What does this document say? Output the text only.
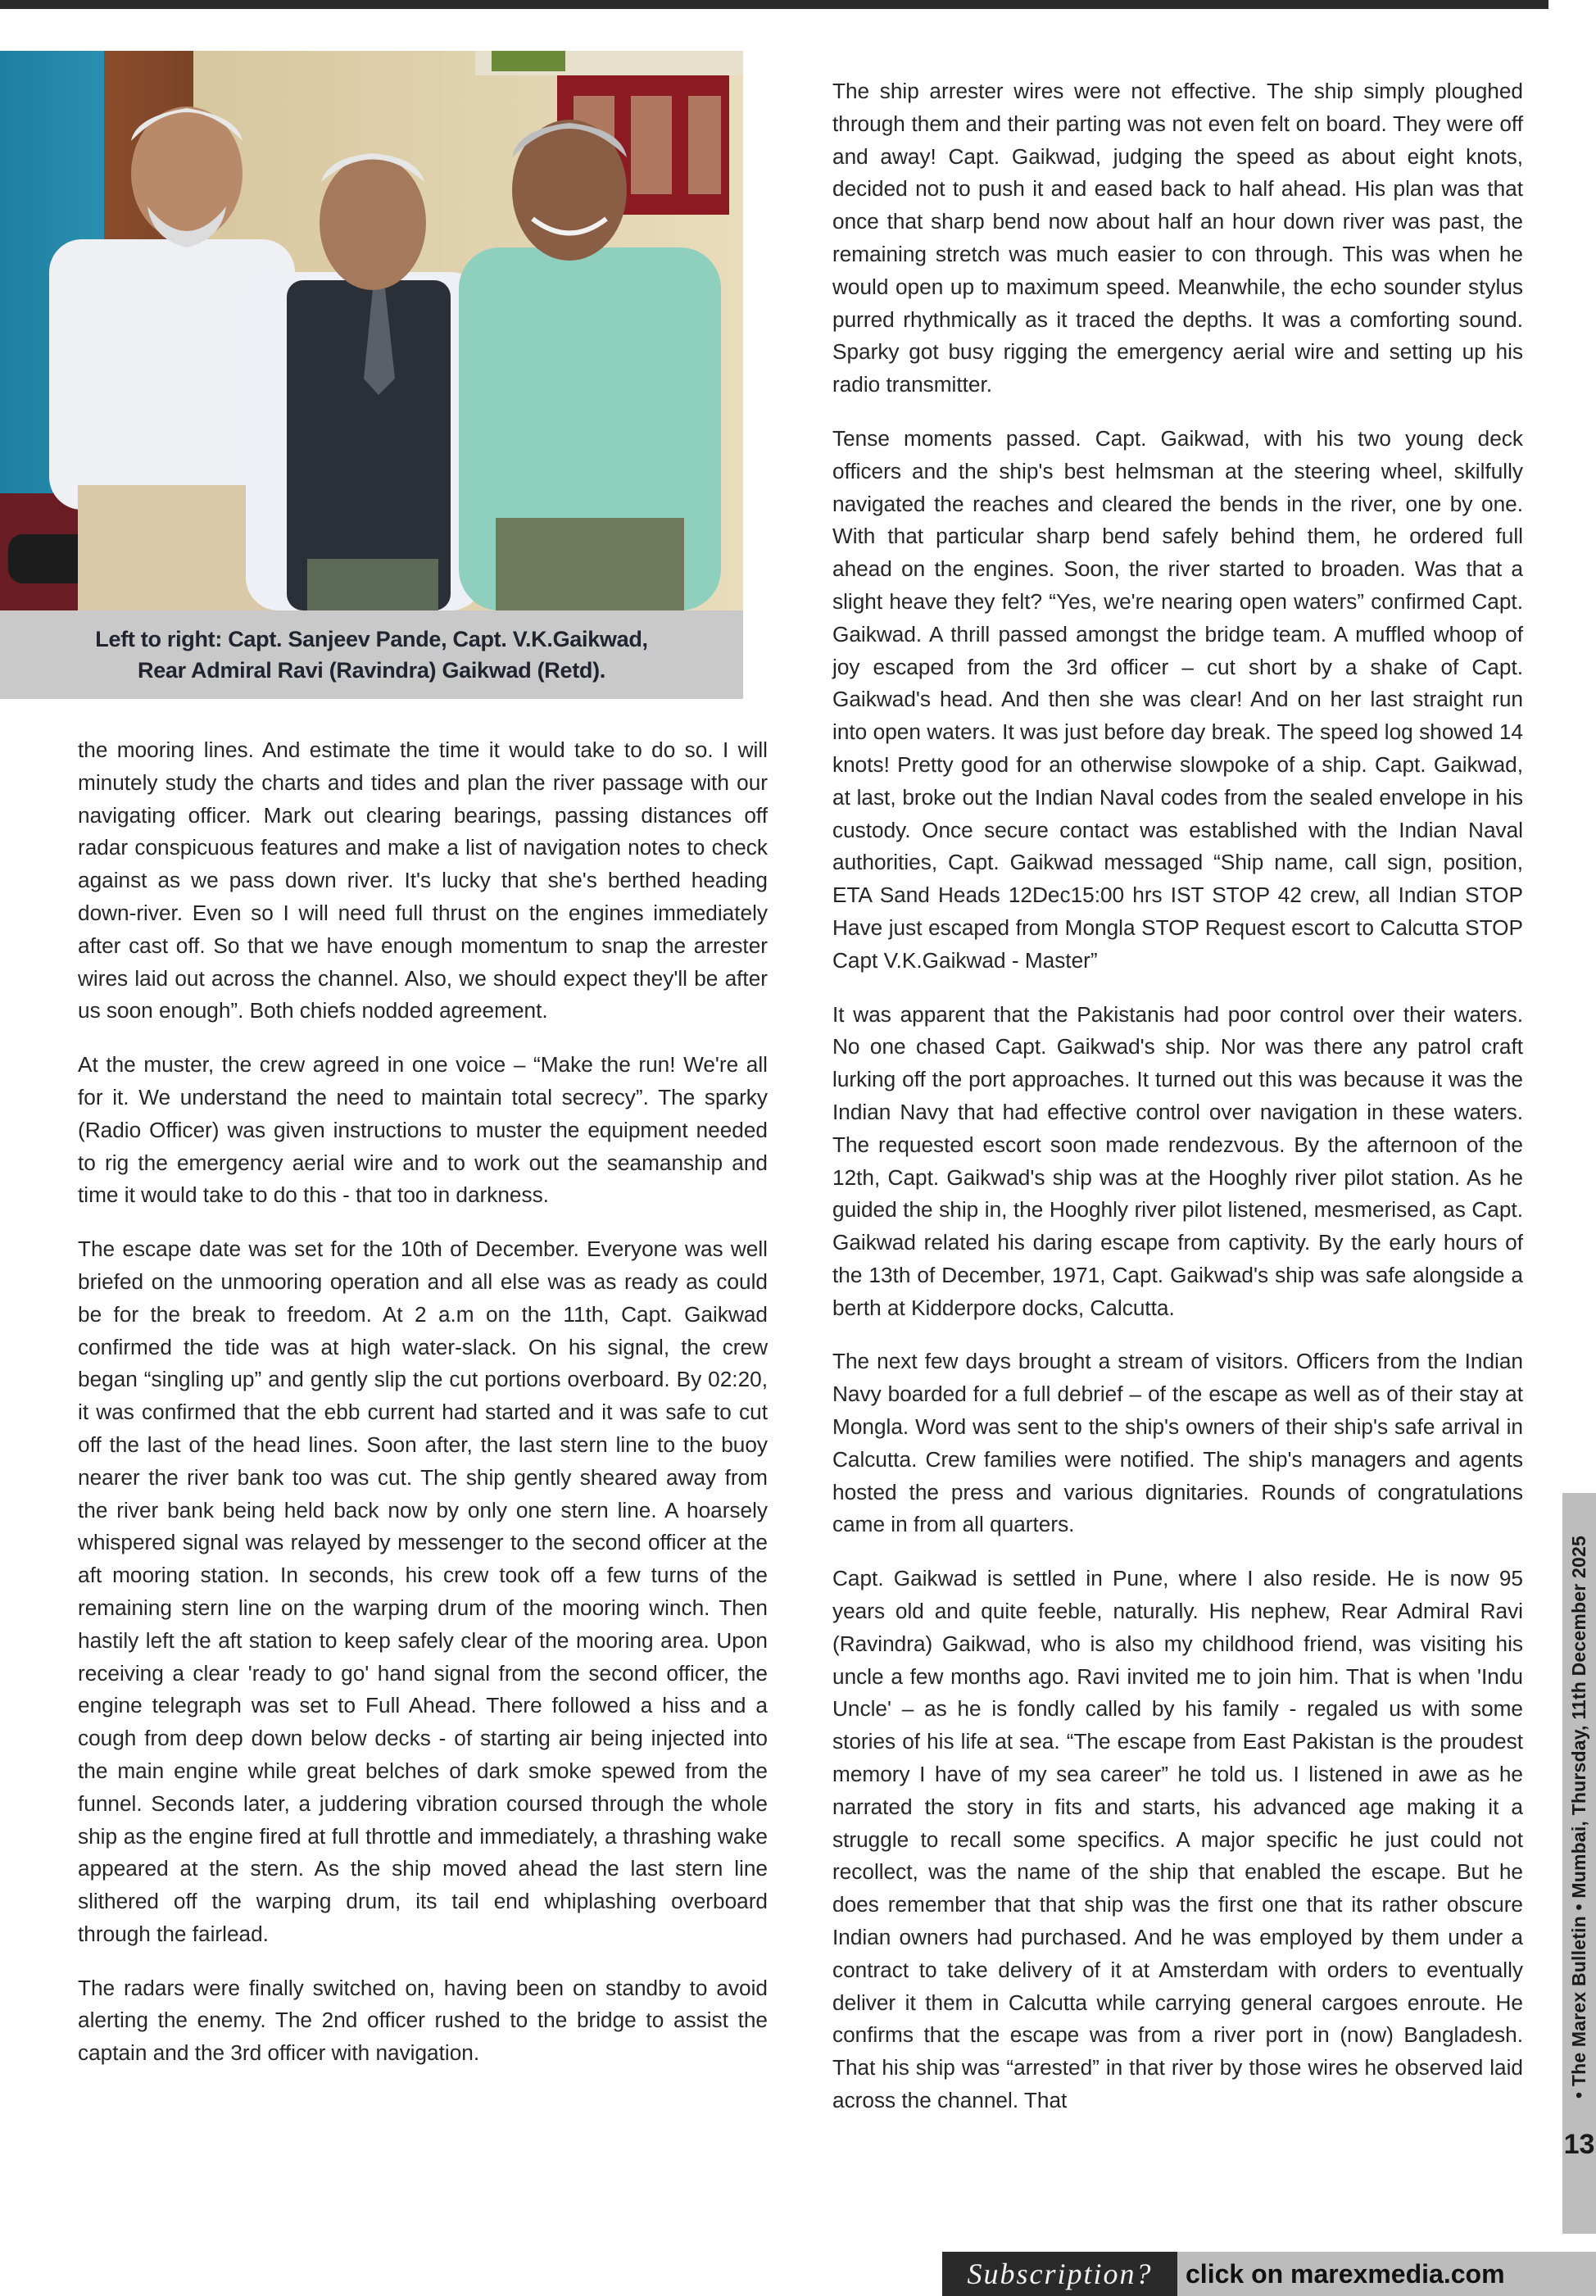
Left to right: Capt. Sanjeev Pande, Capt. V.K.Gaikwad,
Rear Admiral Ravi (Ravindra) Gaikwad (Retd).

the mooring lines. And estimate the time it would take to do so. I will minutely study the charts and tides and plan the river passage with our navigating officer. Mark out clearing bearings, passing distances off radar conspicuous features and make a list of navigation notes to check against as we pass down river. It's lucky that she's berthed heading down-river. Even so I will need full thrust on the engines immediately after cast off. So that we have enough momentum to snap the arrester wires laid out across the channel. Also, we should expect they'll be after us soon enough”. Both chiefs nodded agreement.

At the muster, the crew agreed in one voice – “Make the run! We're all for it. We understand the need to maintain total secrecy”. The sparky (Radio Officer) was given instructions to muster the equipment needed to rig the emergency aerial wire and to work out the seamanship and time it would take to do this - that too in darkness.

The escape date was set for the 10th of December. Everyone was well briefed on the unmooring operation and all else was as ready as could be for the break to freedom. At 2 a.m on the 11th, Capt. Gaikwad confirmed the tide was at high water-slack. On his signal, the crew began “singling up” and gently slip the cut portions overboard. By 02:20, it was confirmed that the ebb current had started and it was safe to cut off the last of the head lines. Soon after, the last stern line to the buoy nearer the river bank too was cut. The ship gently sheared away from the river bank being held back now by only one stern line. A hoarsely whispered signal was relayed by messenger to the second officer at the aft mooring station. In seconds, his crew took off a few turns of the remaining stern line on the warping drum of the mooring winch. Then hastily left the aft station to keep safely clear of the mooring area. Upon receiving a clear 'ready to go' hand signal from the second officer, the engine telegraph was set to Full Ahead. There followed a hiss and a cough from deep down below decks - of starting air being injected into the main engine while great belches of dark smoke spewed from the funnel. Seconds later, a juddering vibration coursed through the whole ship as the engine fired at full throttle and immediately, a thrashing wake appeared at the stern. As the ship moved ahead the last stern line slithered off the warping drum, its tail end whiplashing overboard through the fairlead.

The radars were finally switched on, having been on standby to avoid alerting the enemy. The 2nd officer rushed to the bridge to assist the captain and the 3rd officer with navigation.

The ship arrester wires were not effective. The ship simply ploughed through them and their parting was not even felt on board. They were off and away! Capt. Gaikwad, judging the speed as about eight knots, decided not to push it and eased back to half ahead. His plan was that once that sharp bend now about half an hour down river was past, the remaining stretch was much easier to con through. This was when he would open up to maximum speed. Meanwhile, the echo sounder stylus purred rhythmically as it traced the depths. It was a comforting sound. Sparky got busy rigging the emergency aerial wire and setting up his radio transmitter.

Tense moments passed. Capt. Gaikwad, with his two young deck officers and the ship's best helmsman at the steering wheel, skilfully navigated the reaches and cleared the bends in the river, one by one. With that particular sharp bend safely behind them, he ordered full ahead on the engines. Soon, the river started to broaden. Was that a slight heave they felt? “Yes, we're nearing open waters” confirmed Capt. Gaikwad. A thrill passed amongst the bridge team. A muffled whoop of joy escaped from the 3rd officer – cut short by a shake of Capt. Gaikwad's head. And then she was clear! And on her last straight run into open waters. It was just before day break. The speed log showed 14 knots! Pretty good for an otherwise slowpoke of a ship. Capt. Gaikwad, at last, broke out the Indian Naval codes from the sealed envelope in his custody. Once secure contact was established with the Indian Naval authorities, Capt. Gaikwad messaged “Ship name, call sign, position, ETA Sand Heads 12Dec15:00 hrs IST STOP 42 crew, all Indian STOP Have just escaped from Mongla STOP Request escort to Calcutta STOP Capt V.K.Gaikwad - Master”

It was apparent that the Pakistanis had poor control over their waters. No one chased Capt. Gaikwad's ship. Nor was there any patrol craft lurking off the port approaches. It turned out this was because it was the Indian Navy that had effective control over navigation in these waters. The requested escort soon made rendezvous. By the afternoon of the 12th, Capt. Gaikwad's ship was at the Hooghly river pilot station. As he guided the ship in, the Hooghly river pilot listened, mesmerised, as Capt. Gaikwad related his daring escape from captivity. By the early hours of the 13th of December, 1971, Capt. Gaikwad's ship was safe alongside a berth at Kidderpore docks, Calcutta.

The next few days brought a stream of visitors. Officers from the Indian Navy boarded for a full debrief – of the escape as well as of their stay at Mongla. Word was sent to the ship's owners of their ship's safe arrival in Calcutta. Crew families were notified. The ship's managers and agents hosted the press and various dignitaries. Rounds of congratulations came in from all quarters.

Capt. Gaikwad is settled in Pune, where I also reside. He is now 95 years old and quite feeble, naturally. His nephew, Rear Admiral Ravi (Ravindra) Gaikwad, who is also my childhood friend, was visiting his uncle a few months ago. Ravi invited me to join him. That is when 'Indu Uncle' – as he is fondly called by his family - regaled us with some stories of his life at sea. “The escape from East Pakistan is the proudest memory I have of my sea career” he told us. I listened in awe as he narrated the story in fits and starts, his advanced age making it a struggle to recall some specifics. A major specific he just could not recollect, was the name of the ship that enabled the escape. But he does remember that that ship was the first one that its rather obscure Indian owners had purchased. And he was employed by them under a contract to take delivery of it at Amsterdam with orders to eventually deliver it them in Calcutta while carrying general cargoes enroute. He confirms that the escape was from a river port in (now) Bangladesh. That his ship was “arrested” in that river by those wires he observed laid across the channel. That

• The Marex Bulletin • Mumbai, Thursday, 11th December 2025
13
Subscription?	click on marexmedia.com
